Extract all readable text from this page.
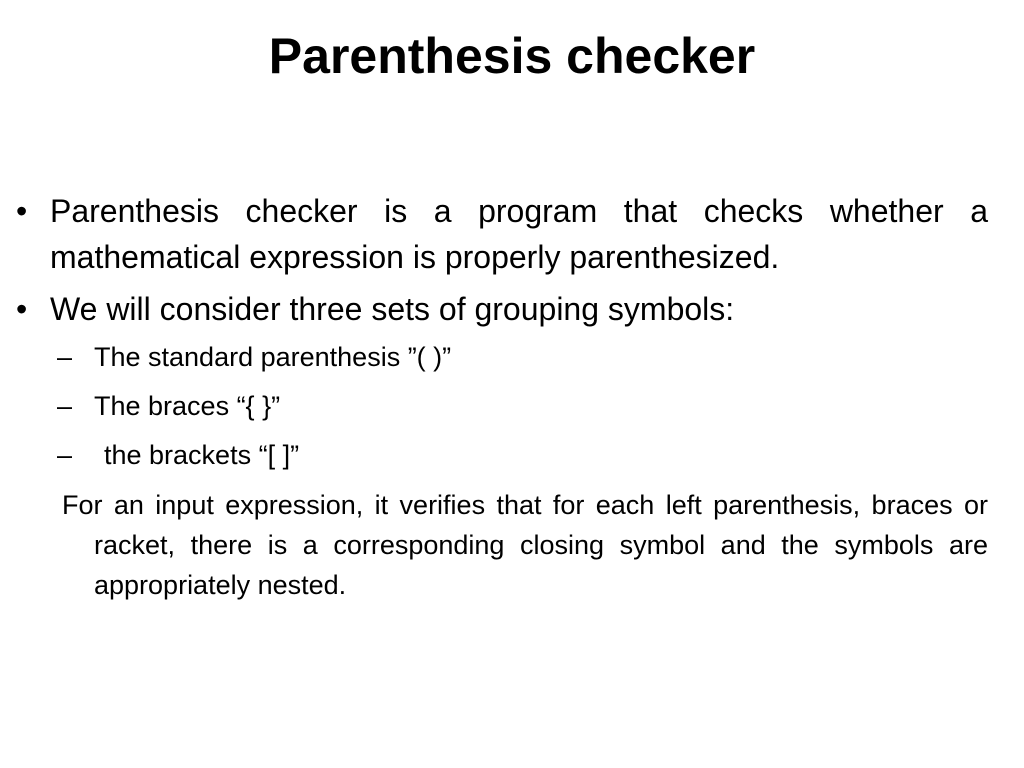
Parenthesis checker
• Parenthesis checker is a program that checks whether a mathematical expression is properly parenthesized.
• We will consider three sets of grouping symbols:
– The standard parenthesis ”( )”
– The braces “{ }”
– the brackets “[ ]”

For an input expression, it verifies that for each left parenthesis, braces or racket, there is a corresponding closing symbol and the symbols are appropriately nested.
